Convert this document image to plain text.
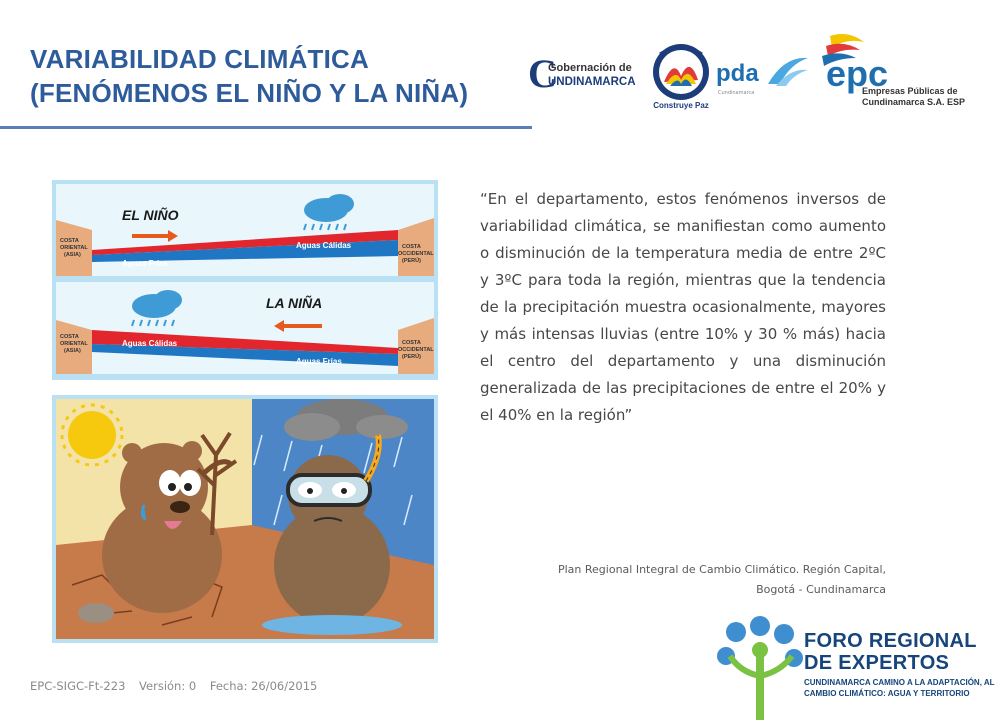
VARIABILIDAD CLIMÁTICA
(FENÓMENOS EL NIÑO Y LA NIÑA)	C
Gobernación de
UNDINAMARCA
Construye Paz
pda
Cundinamarca epc
Empresas Públicas de
Cundinamarca S.A. ESP
EL NIÑO
COSTA
ORIENTAL
(ASIA)
COSTA
OCCIDENTAL
(PERÚ)
Aguas Cálidas
Aguas Frías
LA NIÑA
COSTA
ORIENTAL
(ASIA)
COSTA
OCCIDENTAL
(PERÚ)
Aguas Cálidas
Aguas Frías
“En el departamento, estos fenómenos inversos de variabilidad climática, se manifiestan como aumento o disminución de la temperatura media de entre 2ºC y 3ºC para toda la región, mientras que la tendencia de la precipitación muestra ocasionalmente, mayores y más intensas lluvias (entre 10% y 30 % más) hacia el centro del departamento y una disminución generalizada de las precipitaciones de entre el 20% y el 40% en la región”
Plan Regional Integral de Cambio Climático. Región Capital,
Bogotá - Cundinamarca
EPC-SIGC-Ft-223 Versión: 0 Fecha: 26/06/2015
FORO REGIONAL
DE EXPERTOS
CUNDINAMARCA CAMINO A LA ADAPTACIÓN, AL
CAMBIO CLIMÁTICO: AGUA Y TERRITORIO
